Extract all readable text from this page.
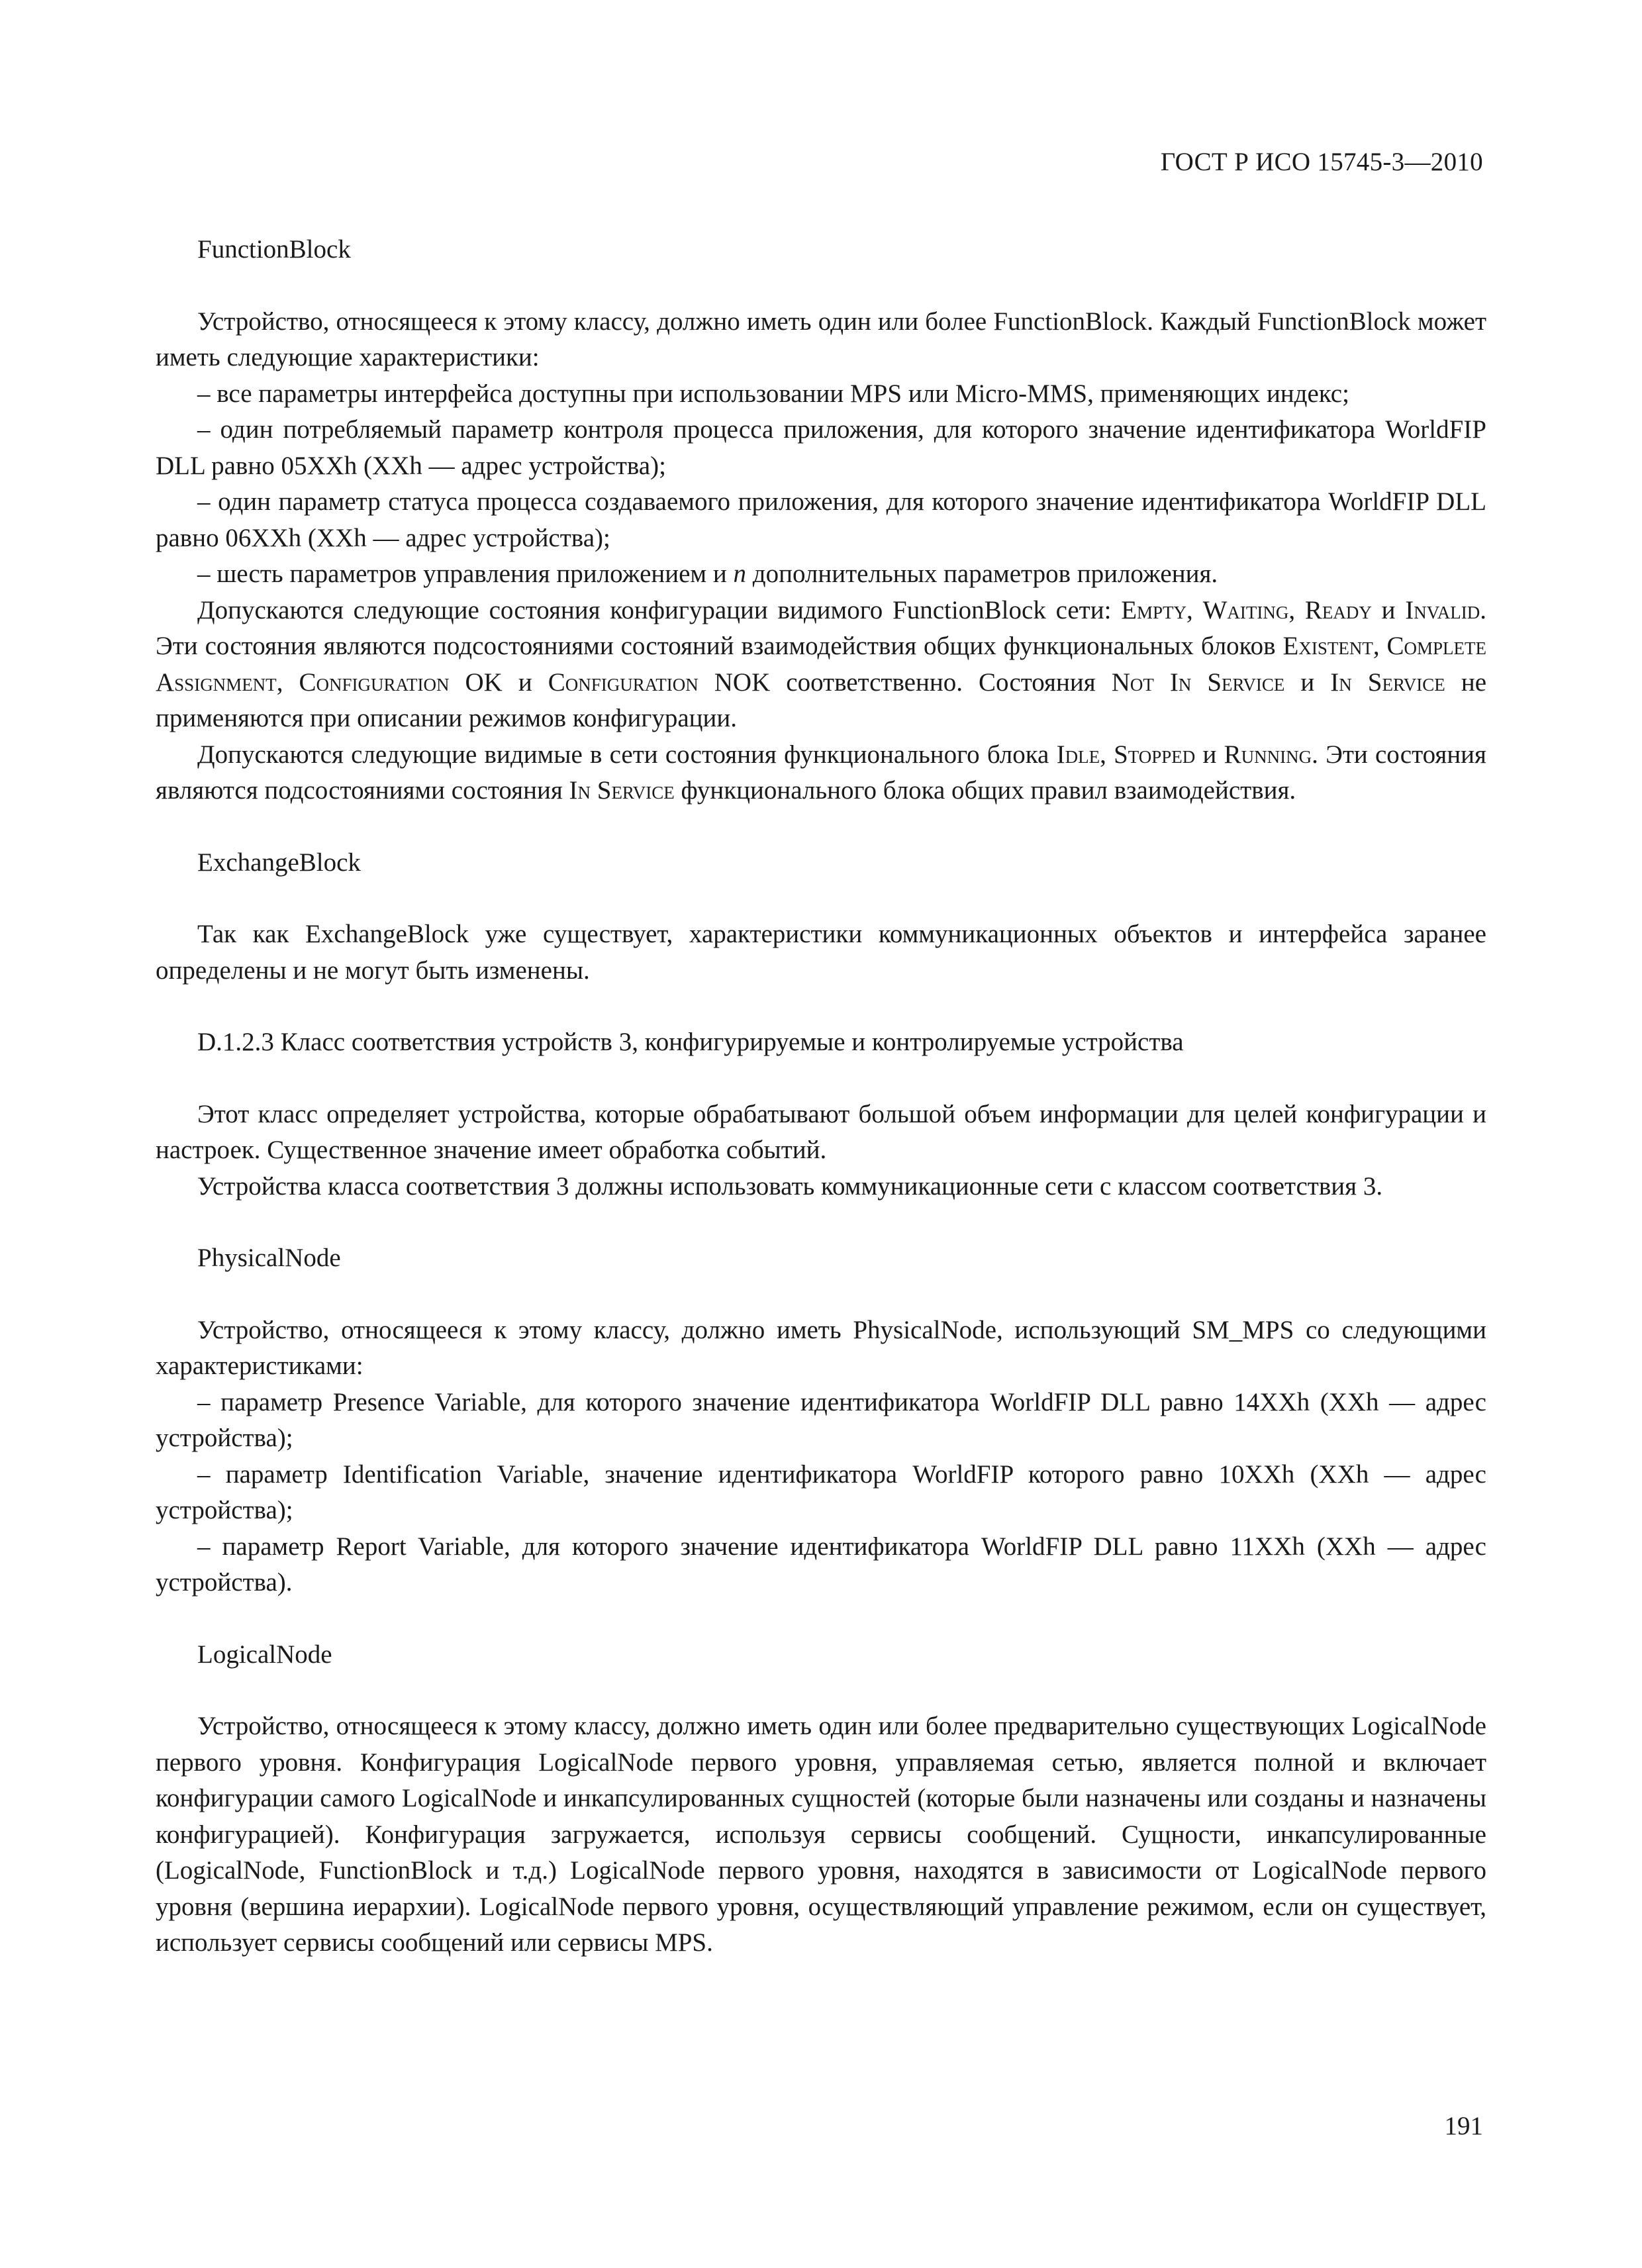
ГОСТ Р ИСО 15745-3—2010

FunctionBlock

Устройство, относящееся к этому классу, должно иметь один или более FunctionBlock. Каждый FunctionBlock может иметь следующие характеристики:

– все параметры интерфейса доступны при использовании MPS или Micro-MMS, применяющих индекс;

– один потребляемый параметр контроля процесса приложения, для которого значение идентификатора WorldFIP DLL равно 05XXh (XXh — адрес устройства);

– один параметр статуса процесса создаваемого приложения, для которого значение идентификатора WorldFIP DLL равно 06XXh (XXh — адрес устройства);

– шесть параметров управления приложением и n дополнительных параметров приложения.

Допускаются следующие состояния конфигурации видимого FunctionBlock сети: Empty, Waiting, Ready и Invalid. Эти состояния являются подсостояниями состояний взаимодействия общих функциональных блоков Existent, Complete Assignment, Configuration OK и Configuration NOK соответственно. Состояния Not In Service и In Service не применяются при описании режимов конфигурации.

Допускаются следующие видимые в сети состояния функционального блока Idle, Stopped и Running. Эти состояния являются подсостояниями состояния In Service функционального блока общих правил взаимодействия.

ExchangeBlock

Так как ExchangeBlock уже существует, характеристики коммуникационных объектов и интерфейса заранее определены и не могут быть изменены.

D.1.2.3 Класс соответствия устройств 3, конфигурируемые и контролируемые устройства

Этот класс определяет устройства, которые обрабатывают большой объем информации для целей конфигурации и настроек. Существенное значение имеет обработка событий.

Устройства класса соответствия 3 должны использовать коммуникационные сети с классом соответствия 3.

PhysicalNode

Устройство, относящееся к этому классу, должно иметь PhysicalNode, использующий SM_MPS со следующими характеристиками:

– параметр Presence Variable, для которого значение идентификатора WorldFIP DLL равно 14XXh (XXh — адрес устройства);

– параметр Identification Variable, значение идентификатора WorldFIP которого равно 10XXh (XXh — адрес устройства);

– параметр Report Variable, для которого значение идентификатора WorldFIP DLL равно 11XXh (XXh — адрес устройства).

LogicalNode

Устройство, относящееся к этому классу, должно иметь один или более предварительно существующих LogicalNode первого уровня. Конфигурация LogicalNode первого уровня, управляемая сетью, является полной и включает конфигурации самого LogicalNode и инкапсулированных сущностей (которые были назначены или созданы и назначены конфигурацией). Конфигурация загружается, используя сервисы сообщений. Сущности, инкапсулированные (LogicalNode, FunctionBlock и т.д.) LogicalNode первого уровня, находятся в зависимости от LogicalNode первого уровня (вершина иерархии). LogicalNode первого уровня, осуществляющий управление режимом, если он существует, использует сервисы сообщений или сервисы MPS.

191
